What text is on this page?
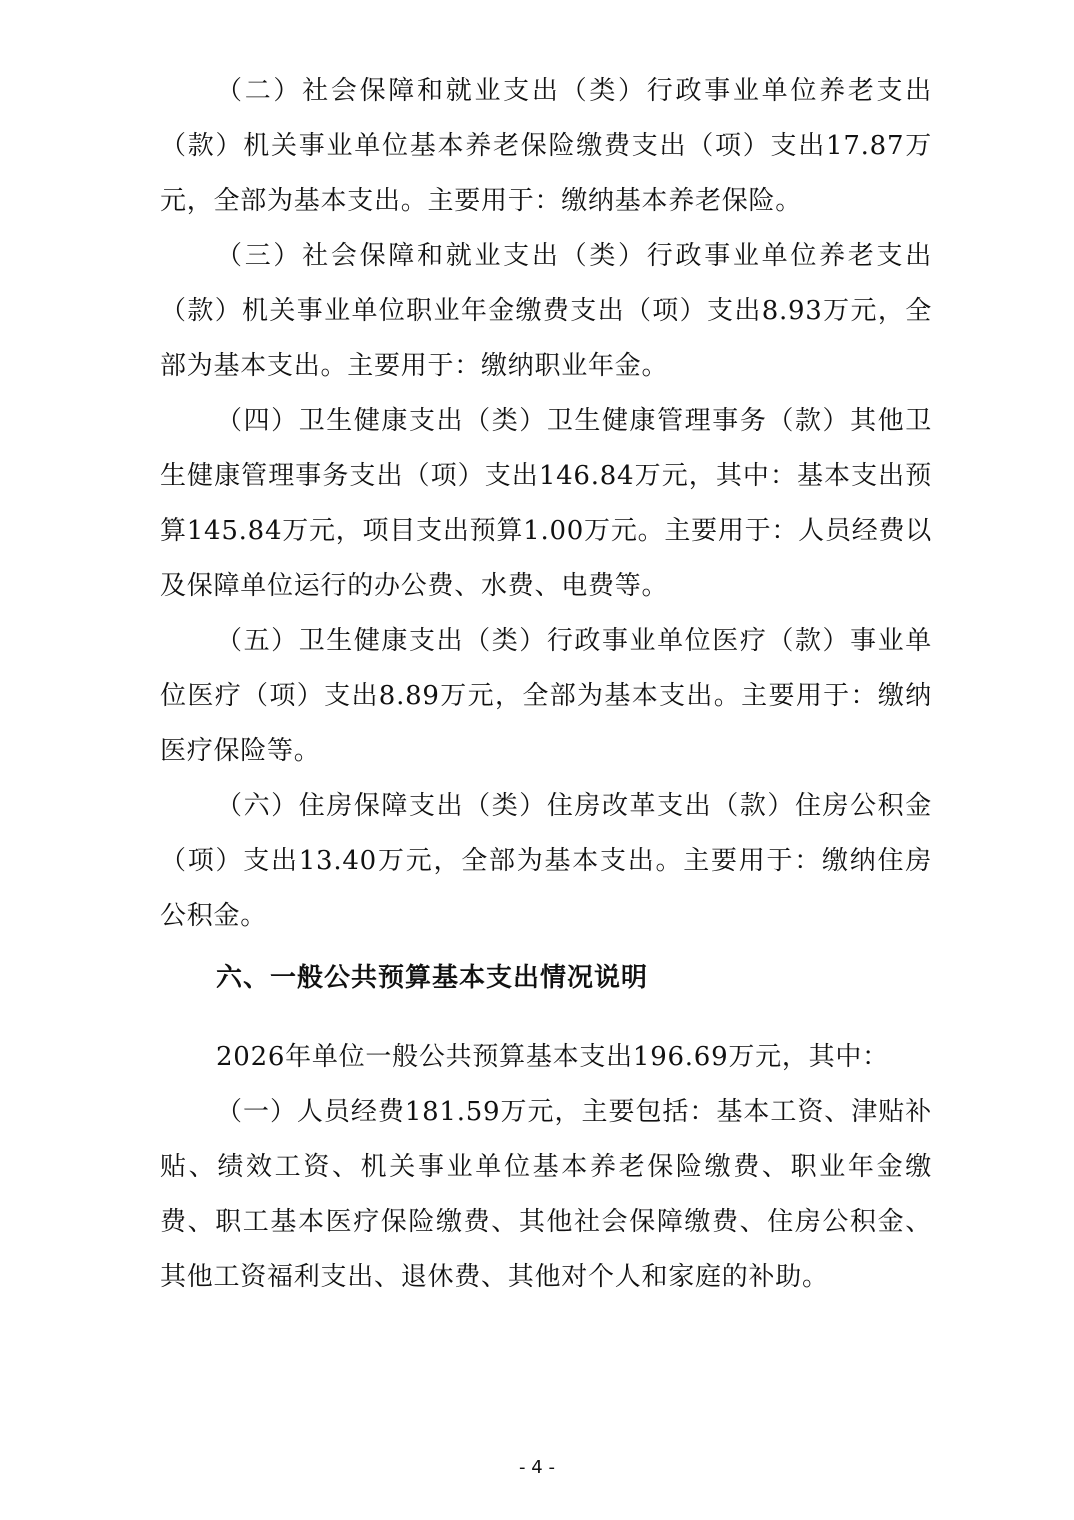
（二）社会保障和就业支出（类）行政事业单位养老支出（款）机关事业单位基本养老保险缴费支出（项）支出17.87万元，全部为基本支出。主要用于：缴纳基本养老保险。

（三）社会保障和就业支出（类）行政事业单位养老支出（款）机关事业单位职业年金缴费支出（项）支出8.93万元，全部为基本支出。主要用于：缴纳职业年金。

（四）卫生健康支出（类）卫生健康管理事务（款）其他卫生健康管理事务支出（项）支出146.84万元，其中：基本支出预算145.84万元，项目支出预算1.00万元。主要用于：人员经费以及保障单位运行的办公费、水费、电费等。

（五）卫生健康支出（类）行政事业单位医疗（款）事业单位医疗（项）支出8.89万元，全部为基本支出。主要用于：缴纳医疗保险等。

（六）住房保障支出（类）住房改革支出（款）住房公积金（项）支出13.40万元，全部为基本支出。主要用于：缴纳住房公积金。

六、一般公共预算基本支出情况说明

2026年单位一般公共预算基本支出196.69万元，其中：

（一）人员经费181.59万元，主要包括：基本工资、津贴补贴、绩效工资、机关事业单位基本养老保险缴费、职业年金缴费、职工基本医疗保险缴费、其他社会保障缴费、住房公积金、其他工资福利支出、退休费、其他对个人和家庭的补助。

- 4 -
